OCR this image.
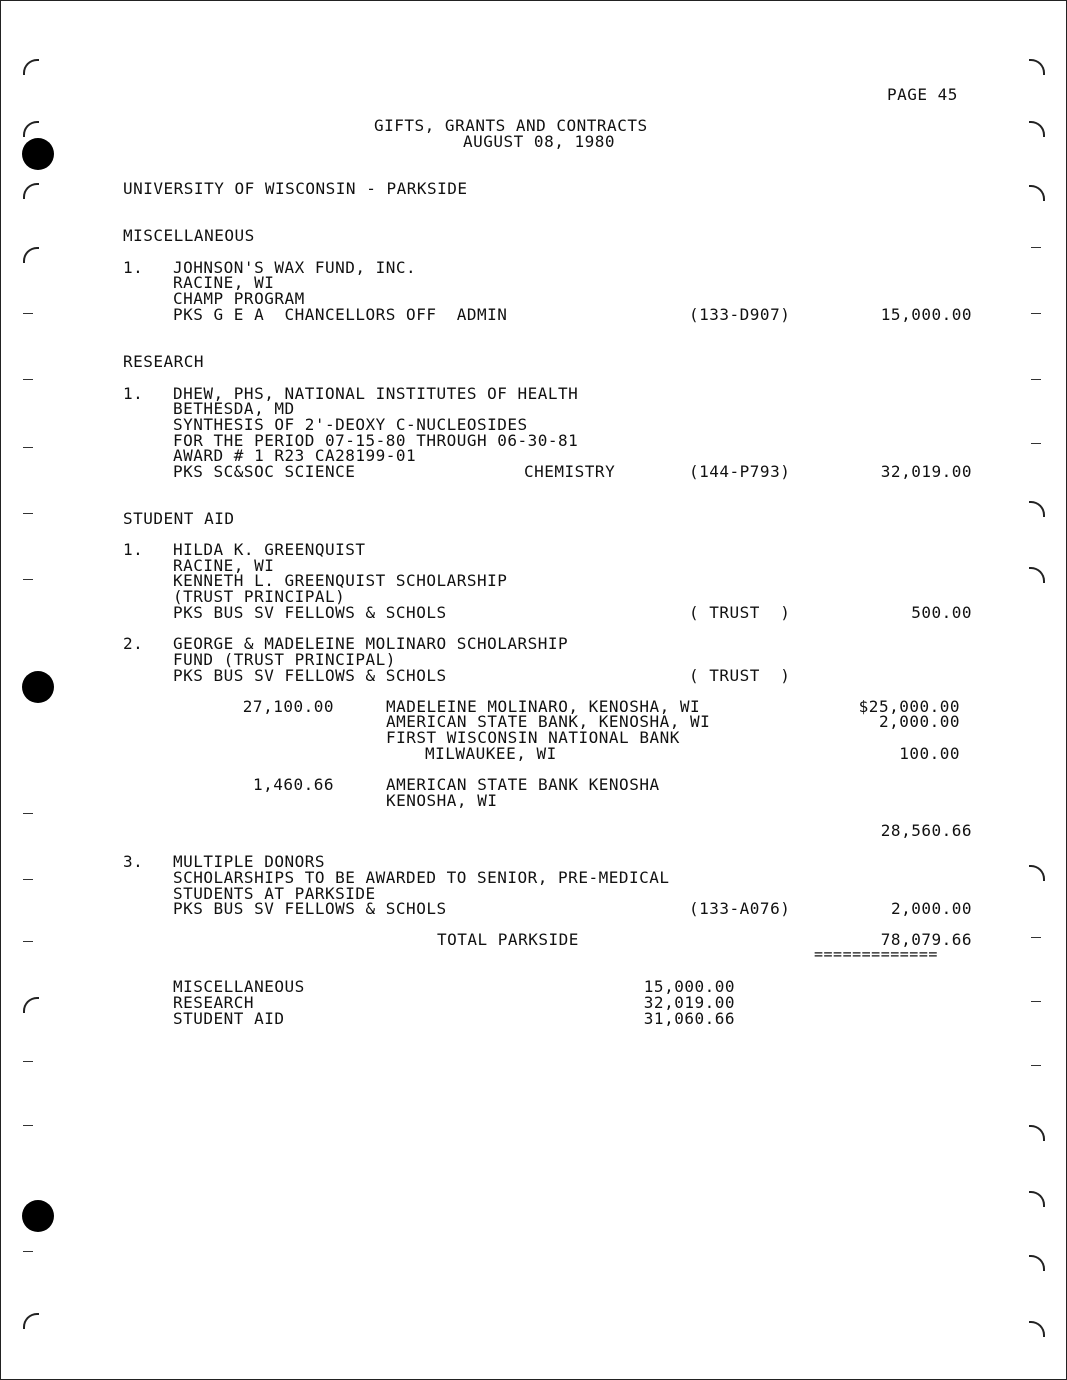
PAGE 45
GIFTS, GRANTS AND CONTRACTS
AUGUST 08, 1980
UNIVERSITY OF WISCONSIN - PARKSIDE
MISCELLANEOUS
1. JOHNSON'S WAX FUND, INC.
RACINE, WI
CHAMP PROGRAM
PKS G E A  CHANCELLORS OFF  ADMIN	(133-D907)	15,000.00
RESEARCH
1. DHEW, PHS, NATIONAL INSTITUTES OF HEALTH
BETHESDA, MD
SYNTHESIS OF 2'-DEOXY C-NUCLEOSIDES
FOR THE PERIOD 07-15-80 THROUGH 06-30-81
AWARD # 1 R23 CA28199-01
PKS SC&SOC SCIENCE	CHEMISTRY	(144-P793)	32,019.00
STUDENT AID
1. HILDA K. GREENQUIST
RACINE, WI
KENNETH L. GREENQUIST SCHOLARSHIP
(TRUST PRINCIPAL)
PKS BUS SV FELLOWS & SCHOLS	( TRUST  )	500.00
2. GEORGE & MADELEINE MOLINARO SCHOLARSHIP
FUND (TRUST PRINCIPAL)
PKS BUS SV FELLOWS & SCHOLS	( TRUST  )
27,100.00	MADELEINE MOLINARO, KENOSHA, WI	$25,000.00
AMERICAN STATE BANK, KENOSHA, WI	2,000.00
FIRST WISCONSIN NATIONAL BANK
MILWAUKEE, WI	100.00
1,460.66	AMERICAN STATE BANK KENOSHA
KENOSHA, WI
28,560.66
3. MULTIPLE DONORS
SCHOLARSHIPS TO BE AWARDED TO SENIOR, PRE-MEDICAL
STUDENTS AT PARKSIDE
PKS BUS SV FELLOWS & SCHOLS	(133-A076)	2,000.00
TOTAL PARKSIDE	78,079.66
=============
MISCELLANEOUS	15,000.00
RESEARCH	32,019.00
STUDENT AID	31,060.66
